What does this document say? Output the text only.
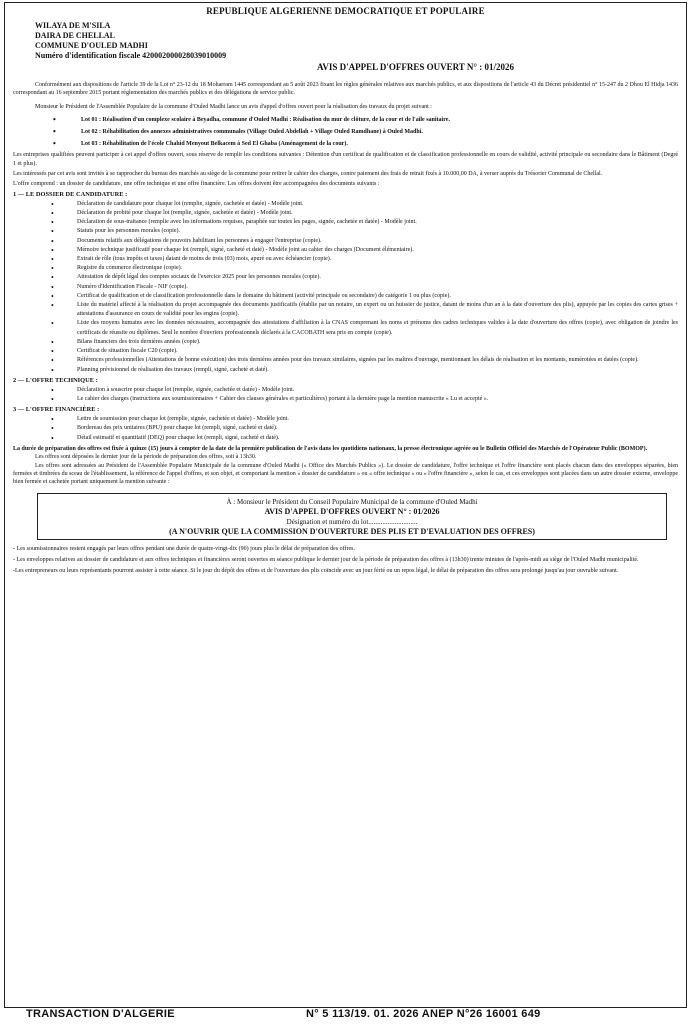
REPUBLIQUE ALGERIENNE DEMOCRATIQUE ET POPULAIRE
WILAYA DE M'SILA
DAIRA DE CHELLAL
COMMUNE D'OULED MADHI
Numéro d'identification fiscale 420002000028039010009
AVIS D'APPEL D'OFFRES OUVERT N° : 01/2026

Conformément aux dispositions de l'article 39 de la Loi n° 23-12 du 18 Moharram 1445 correspondant au 5 août 2023 fixant les règles générales relatives aux marchés publics, et aux dispositions de l'article 43 du Décret présidentiel n° 15-247 du 2 Dhou El Hidja 1436 correspondant au 16 septembre 2015 portant réglementation des marchés publics et des délégations de service public.

Monsieur le Président de l'Assemblée Populaire de la commune d'Ouled Madhi lance un avis d'appel d'offres ouvert pour la réalisation des travaux du projet suivant :

• Lot 01 : Réalisation d'un complexe scolaire à Beyadha, commune d'Ouled Madhi : Réalisation du mur de clôture, de la cour et de l'aile sanitaire.
• Lot 02 : Réhabilitation des annexes administratives communales (Village Ouled Abdellah + Village Ouled Ramdhane) à Ouled Madhi.
• Lot 03 : Réhabilitation de l'école Chahid Menyout Belkacem à Sed El Ghaba (Aménagement de la cour).

Les entreprises qualifiées peuvent participer à cet appel d'offres ouvert, sous réserve de remplir les conditions suivantes : Détention d'un certificat de qualification et de classification professionnelle en cours de validité, activité principale ou secondaire dans le Bâtiment (Degré 1 et plus).

Les intéressés par cet avis sont invités à se rapprocher du bureau des marchés au siège de la commune pour retirer le cahier des charges, contre paiement des frais de retrait fixés à 10.000,00 DA, à verser auprès du Trésorier Communal de Chellal.

L'offre comprend : un dossier de candidature, une offre technique et une offre financière. Les offres doivent être accompagnées des documents suivants :

1 — LE DOSSIER DE CANDIDATURE :
• Déclaration de candidature pour chaque lot (remplie, signée, cachetée et datée) - Modèle joint.
• Déclaration de probité pour chaque lot (remplie, signée, cachetée et datée) - Modèle joint.
• Déclaration de sous-traitance (remplie avec les informations requises, paraphée sur toutes les pages, signée, cachetée et datée) - Modèle joint.
• Statuts pour les personnes morales (copie).
• Documents relatifs aux délégations de pouvoirs habilitant les personnes à engager l'entreprise (copie).
• Mémoire technique justificatif pour chaque lot (rempli, signé, cacheté et daté) - Modèle joint au cahier des charges (Document élémentaire).
• Extrait de rôle (tous impôts et taxes) datant de moins de trois (03) mois, apuré ou avec échéancier (copie).
• Registre du commerce électronique (copie).
• Attestation de dépôt légal des comptes sociaux de l'exercice 2025 pour les personnes morales (copie).
• Numéro d'Identification Fiscale - NIF (copie).
• Certificat de qualification et de classification professionnelle dans le domaine du bâtiment (activité principale ou secondaire) de catégorie 1 ou plus (copie).
• Liste du matériel affecté à la réalisation du projet accompagnée des documents justificatifs (établie par un notaire, un expert ou un huissier de justice, datant de moins d'un an à la date d'ouverture des plis), appuyée par les copies des cartes grises + attestations d'assurance en cours de validité pour les engins (copie).
• Liste des moyens humains avec les données nécessaires, accompagnée des attestations d'affiliation à la CNAS comprenant les noms et prénoms des cadres techniques valides à la date d'ouverture des offres (copie), avec obligation de joindre les certificats de réussite ou diplômes. Seul le nombre d'ouvriers professionnels déclarés à la CACOBATH sera pris en compte (copie).
• Bilans financiers des trois dernières années (copie).
• Certificat de situation fiscale C20 (copie).
• Références professionnelles (Attestations de bonne exécution) des trois dernières années pour des travaux similaires, signées par les maîtres d'ouvrage, mentionnant les délais de réalisation et les montants, numérotées et datées (copie).
• Planning prévisionnel de réalisation des travaux (rempli, signé, cacheté et daté).
2 — L'OFFRE TECHNIQUE :
• Déclaration à souscrire pour chaque lot (remplie, signée, cachetée et datée) - Modèle joint.
• Le cahier des charges (instructions aux soumissionnaires + Cahier des clauses générales et particulières) portant à la dernière page la mention manuscrite « Lu et accepté ».
3 — L'OFFRE FINANCIÈRE :
• Lettre de soumission pour chaque lot (remplie, signée, cachetée et datée) - Modèle joint.
• Bordereau des prix unitaires (BPU) pour chaque lot (rempli, signé, cacheté et daté).
• Détail estimatif et quantitatif (DEQ) pour chaque lot (rempli, signé, cacheté et daté).

La durée de préparation des offres est fixée à quinze (15) jours à compter de la date de la première publication de l'avis dans les quotidiens nationaux, la presse électronique agréée ou le Bulletin Officiel des Marchés de l'Opérateur Public (BOMOP).

Les offres sont déposées le dernier jour de la période de préparation des offres, soit à 13h30.

Les offres sont adressées au Président de l'Assemblée Populaire Municipale de la commune d'Ouled Madhi (« Office des Marchés Publics »). Le dossier de candidature, l'offre technique et l'offre financière sont placés chacun dans des enveloppes séparées, bien fermées et timbrées du sceau de l'établissement, la référence de l'appel d'offres, et son objet, et comportant la mention « dossier de candidature » ou « offre technique » ou « l'offre financière », selon le cas, et ces enveloppes sont placées dans un autre dossier externe, enveloppe bien fermée et cachetée portant uniquement la mention suivante :

À : Monsieur le Président du Conseil Populaire Municipal de la commune d'Ouled Madhi
AVIS D'APPEL D'OFFRES OUVERT N° : 01/2026
Désignation et numéro du lot............................
(A N'OUVRIR QUE LA COMMISSION D'OUVERTURE DES PLIS ET D'EVALUATION DES OFFRES)

- Les soumissionnaires restent engagés par leurs offres pendant une durée de quatre-vingt-dix (90) jours plus le délai de préparation des offres.

- Les enveloppes relatives au dossier de candidature et aux offres techniques et financières seront ouvertes en séance publique le dernier jour de la période de préparation des offres à (13h30) trente minutes de l'après-midi au siège de l'Ouled Madhi municipalité.

-Les entrepreneurs ou leurs représentants pourront assister à cette séance. Si le jour du dépôt des offres et de l'ouverture des plis coïncide avec un jour férié ou un repos légal, le délai de préparation des offres sera prolongé jusqu'au jour ouvrable suivant.

TRANSACTION D'ALGERIE	N° 5 113/19. 01. 2026 ANEP N°26 16001 649
